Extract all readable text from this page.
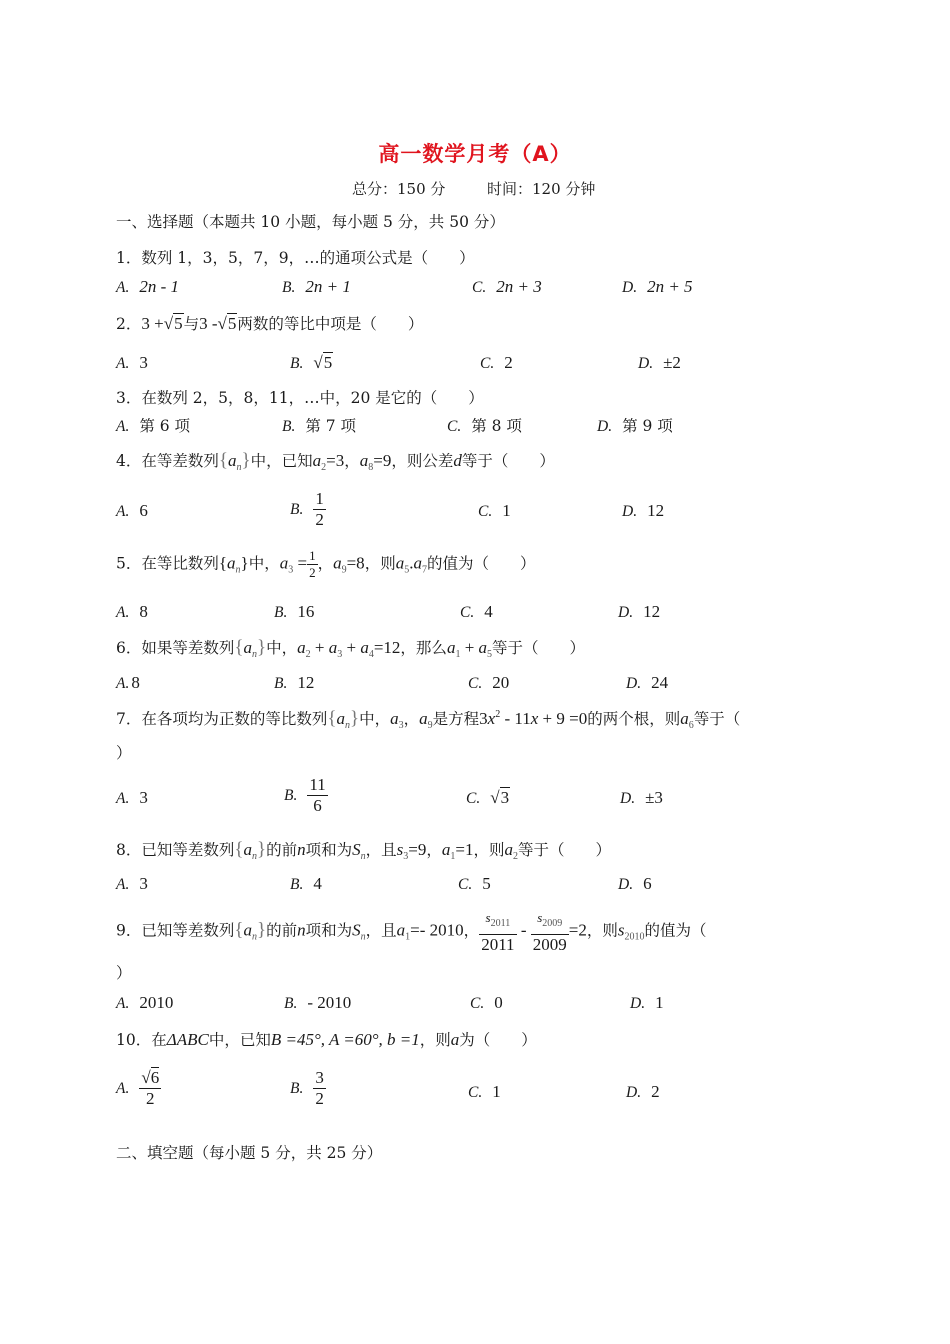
高一数学月考（A）
总分：150 分	时间：120 分钟
一、选择题（本题共 10 小题，每小题 5 分，共 50 分）
1．数列 1，3，5，7，9，…的通项公式是（　　）
A. 2n - 1	B. 2n + 1	C. 2n + 3	D. 2n + 5
2．3 +√5与3 -√5两数的等比中项是（　　）
A. 3	B. √5	C. 2	D. ±2
3．在数列 2，5，8，11，…中，20 是它的（　　）
A. 第 6 项	B. 第 7 项	C. 第 8 项	D. 第 9 项
4．在等差数列$\{a_n\}$中，已知$a_2=3$，$a_8=9$，则公差d等于（　　）
A. 6	B. $\frac{1}{2}$	C. 1	D. 12
5．在等比数列$\{a_n\}$中，$a_3 = \frac{1}{2}$ ，$a_9=8$，则$a_5.a_7$的值为（　　）
A. 8	B. 16	C. 4	D. 12
6．如果等差数列$\{a_n\}$中，$a_2 + a_3 + a_4=12$，那么$a_1 + a_5$等于（　　）
A. 8	B. 12	C. 20	D. 24
7．在各项均为正数的等比数列$\{a_n\}$中，$a_3$，$a_9$是方程$3x^2 - 11x + 9 =0$的两个根，则$a_6$等于（
）
A. 3	B. $\frac{11}{6}$	C. √3	D. ±3
8．已知等差数列$\{a_n\}$的前n项和为$S_n$，且$s_3=9$，$a_1=1$，则$a_2$等于（　　）
A. 3	B. 4	C. 5	D. 6
9．已知等差数列$\{a_n\}$的前n项和为$S_n$，且$a_1=-$ 2010， $\frac{s_{2011}}{2011} - \frac{s_{2009}}{2009} =2$，则$s_{2010}$的值为（
）
A. 2010	B. - 2010	C. 0	D. 1
10．在ΔABC中，已知B =45°, A =60°, b =1，则a为（　　）
A. $\frac{√6}{2}$	B. $\frac{3}{2}$	C. 1	D. 2
二、填空题（每小题 5 分，共 25 分）
